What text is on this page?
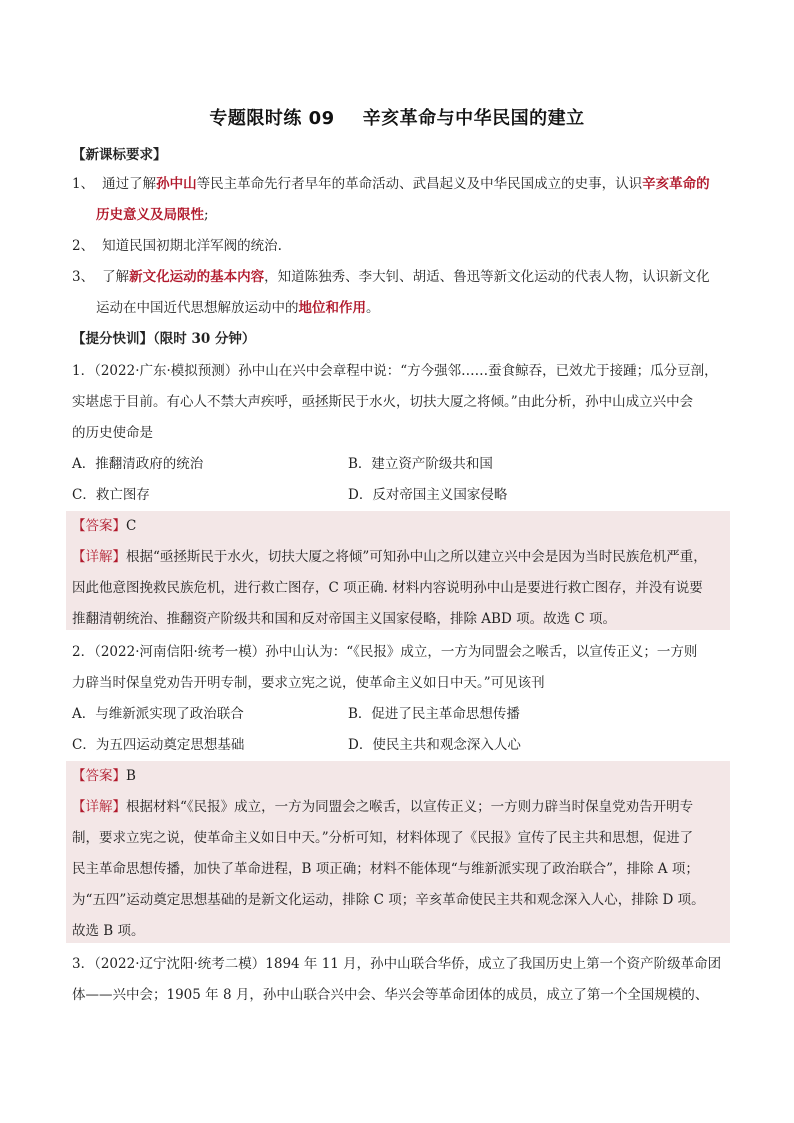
专题限时练 09 辛亥革命与中华民国的建立
【新课标要求】
1、 通过了解孙中山等民主革命先行者早年的革命活动、武昌起义及中华民国成立的史事，认识辛亥革命的
历史意义及局限性;
2、 知道民国初期北洋军阀的统治.
3、 了解新文化运动的基本内容，知道陈独秀、李大钊、胡适、鲁迅等新文化运动的代表人物，认识新文化
运动在中国近代思想解放运动中的地位和作用。
【提分快训】（限时 30 分钟）
1．（2022·广东·模拟预测）孙中山在兴中会章程中说：“方今强邻……蚕食鲸吞，已效尤于接踵；瓜分豆剖，
实堪虑于目前。有心人不禁大声疾呼，亟拯斯民于水火，切扶大厦之将倾。”由此分析，孙中山成立兴中会
的历史使命是
A．推翻清政府的统治	B．建立资产阶级共和国
C．救亡图存	D．反对帝国主义国家侵略
【答案】C
【详解】根据“亟拯斯民于水火，切扶大厦之将倾”可知孙中山之所以建立兴中会是因为当时民族危机严重，
因此他意图挽救民族危机，进行救亡图存，C 项正确. 材料内容说明孙中山是要进行救亡图存，并没有说要
推翻清朝统治、推翻资产阶级共和国和反对帝国主义国家侵略，排除 ABD 项。故选 C 项。
2．（2022·河南信阳·统考一模）孙中山认为：“《民报》成立，一方为同盟会之喉舌，以宣传正义；一方则
力辟当时保皇党劝告开明专制，要求立宪之说，使革命主义如日中天。”可见该刊
A．与维新派实现了政治联合	B．促进了民主革命思想传播
C．为五四运动奠定思想基础	D．使民主共和观念深入人心
【答案】B
【详解】根据材料“《民报》成立，一方为同盟会之喉舌，以宣传正义；一方则力辟当时保皇党劝告开明专
制，要求立宪之说，使革命主义如日中天。”分析可知，材料体现了《民报》宣传了民主共和思想，促进了
民主革命思想传播，加快了革命进程，B 项正确；材料不能体现“与维新派实现了政治联合”，排除 A 项；
为“五四”运动奠定思想基础的是新文化运动，排除 C 项；辛亥革命使民主共和观念深入人心，排除 D 项。
故选 B 项。
3．（2022·辽宁沈阳·统考二模）1894 年 11 月，孙中山联合华侨，成立了我国历史上第一个资产阶级革命团
体——兴中会；1905 年 8 月，孙中山联合兴中会、华兴会等革命团体的成员，成立了第一个全国规模的、
